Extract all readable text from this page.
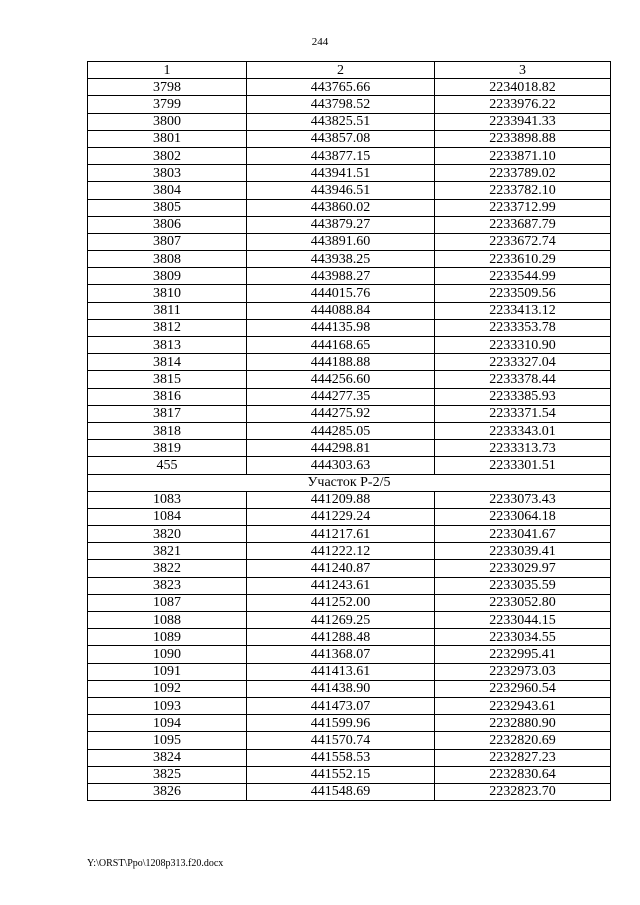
244
1	2	3
3798	443765.66	2234018.82
3799	443798.52	2233976.22
3800	443825.51	2233941.33
3801	443857.08	2233898.88
3802	443877.15	2233871.10
3803	443941.51	2233789.02
3804	443946.51	2233782.10
3805	443860.02	2233712.99
3806	443879.27	2233687.79
3807	443891.60	2233672.74
3808	443938.25	2233610.29
3809	443988.27	2233544.99
3810	444015.76	2233509.56
3811	444088.84	2233413.12
3812	444135.98	2233353.78
3813	444168.65	2233310.90
3814	444188.88	2233327.04
3815	444256.60	2233378.44
3816	444277.35	2233385.93
3817	444275.92	2233371.54
3818	444285.05	2233343.01
3819	444298.81	2233313.73
455	444303.63	2233301.51
Участок Р-2/5		
1083	441209.88	2233073.43
1084	441229.24	2233064.18
3820	441217.61	2233041.67
3821	441222.12	2233039.41
3822	441240.87	2233029.97
3823	441243.61	2233035.59
1087	441252.00	2233052.80
1088	441269.25	2233044.15
1089	441288.48	2233034.55
1090	441368.07	2232995.41
1091	441413.61	2232973.03
1092	441438.90	2232960.54
1093	441473.07	2232943.61
1094	441599.96	2232880.90
1095	441570.74	2232820.69
3824	441558.53	2232827.23
3825	441552.15	2232830.64
3826	441548.69	2232823.70
Y:\ORST\Ppo\1208p313.f20.docx
